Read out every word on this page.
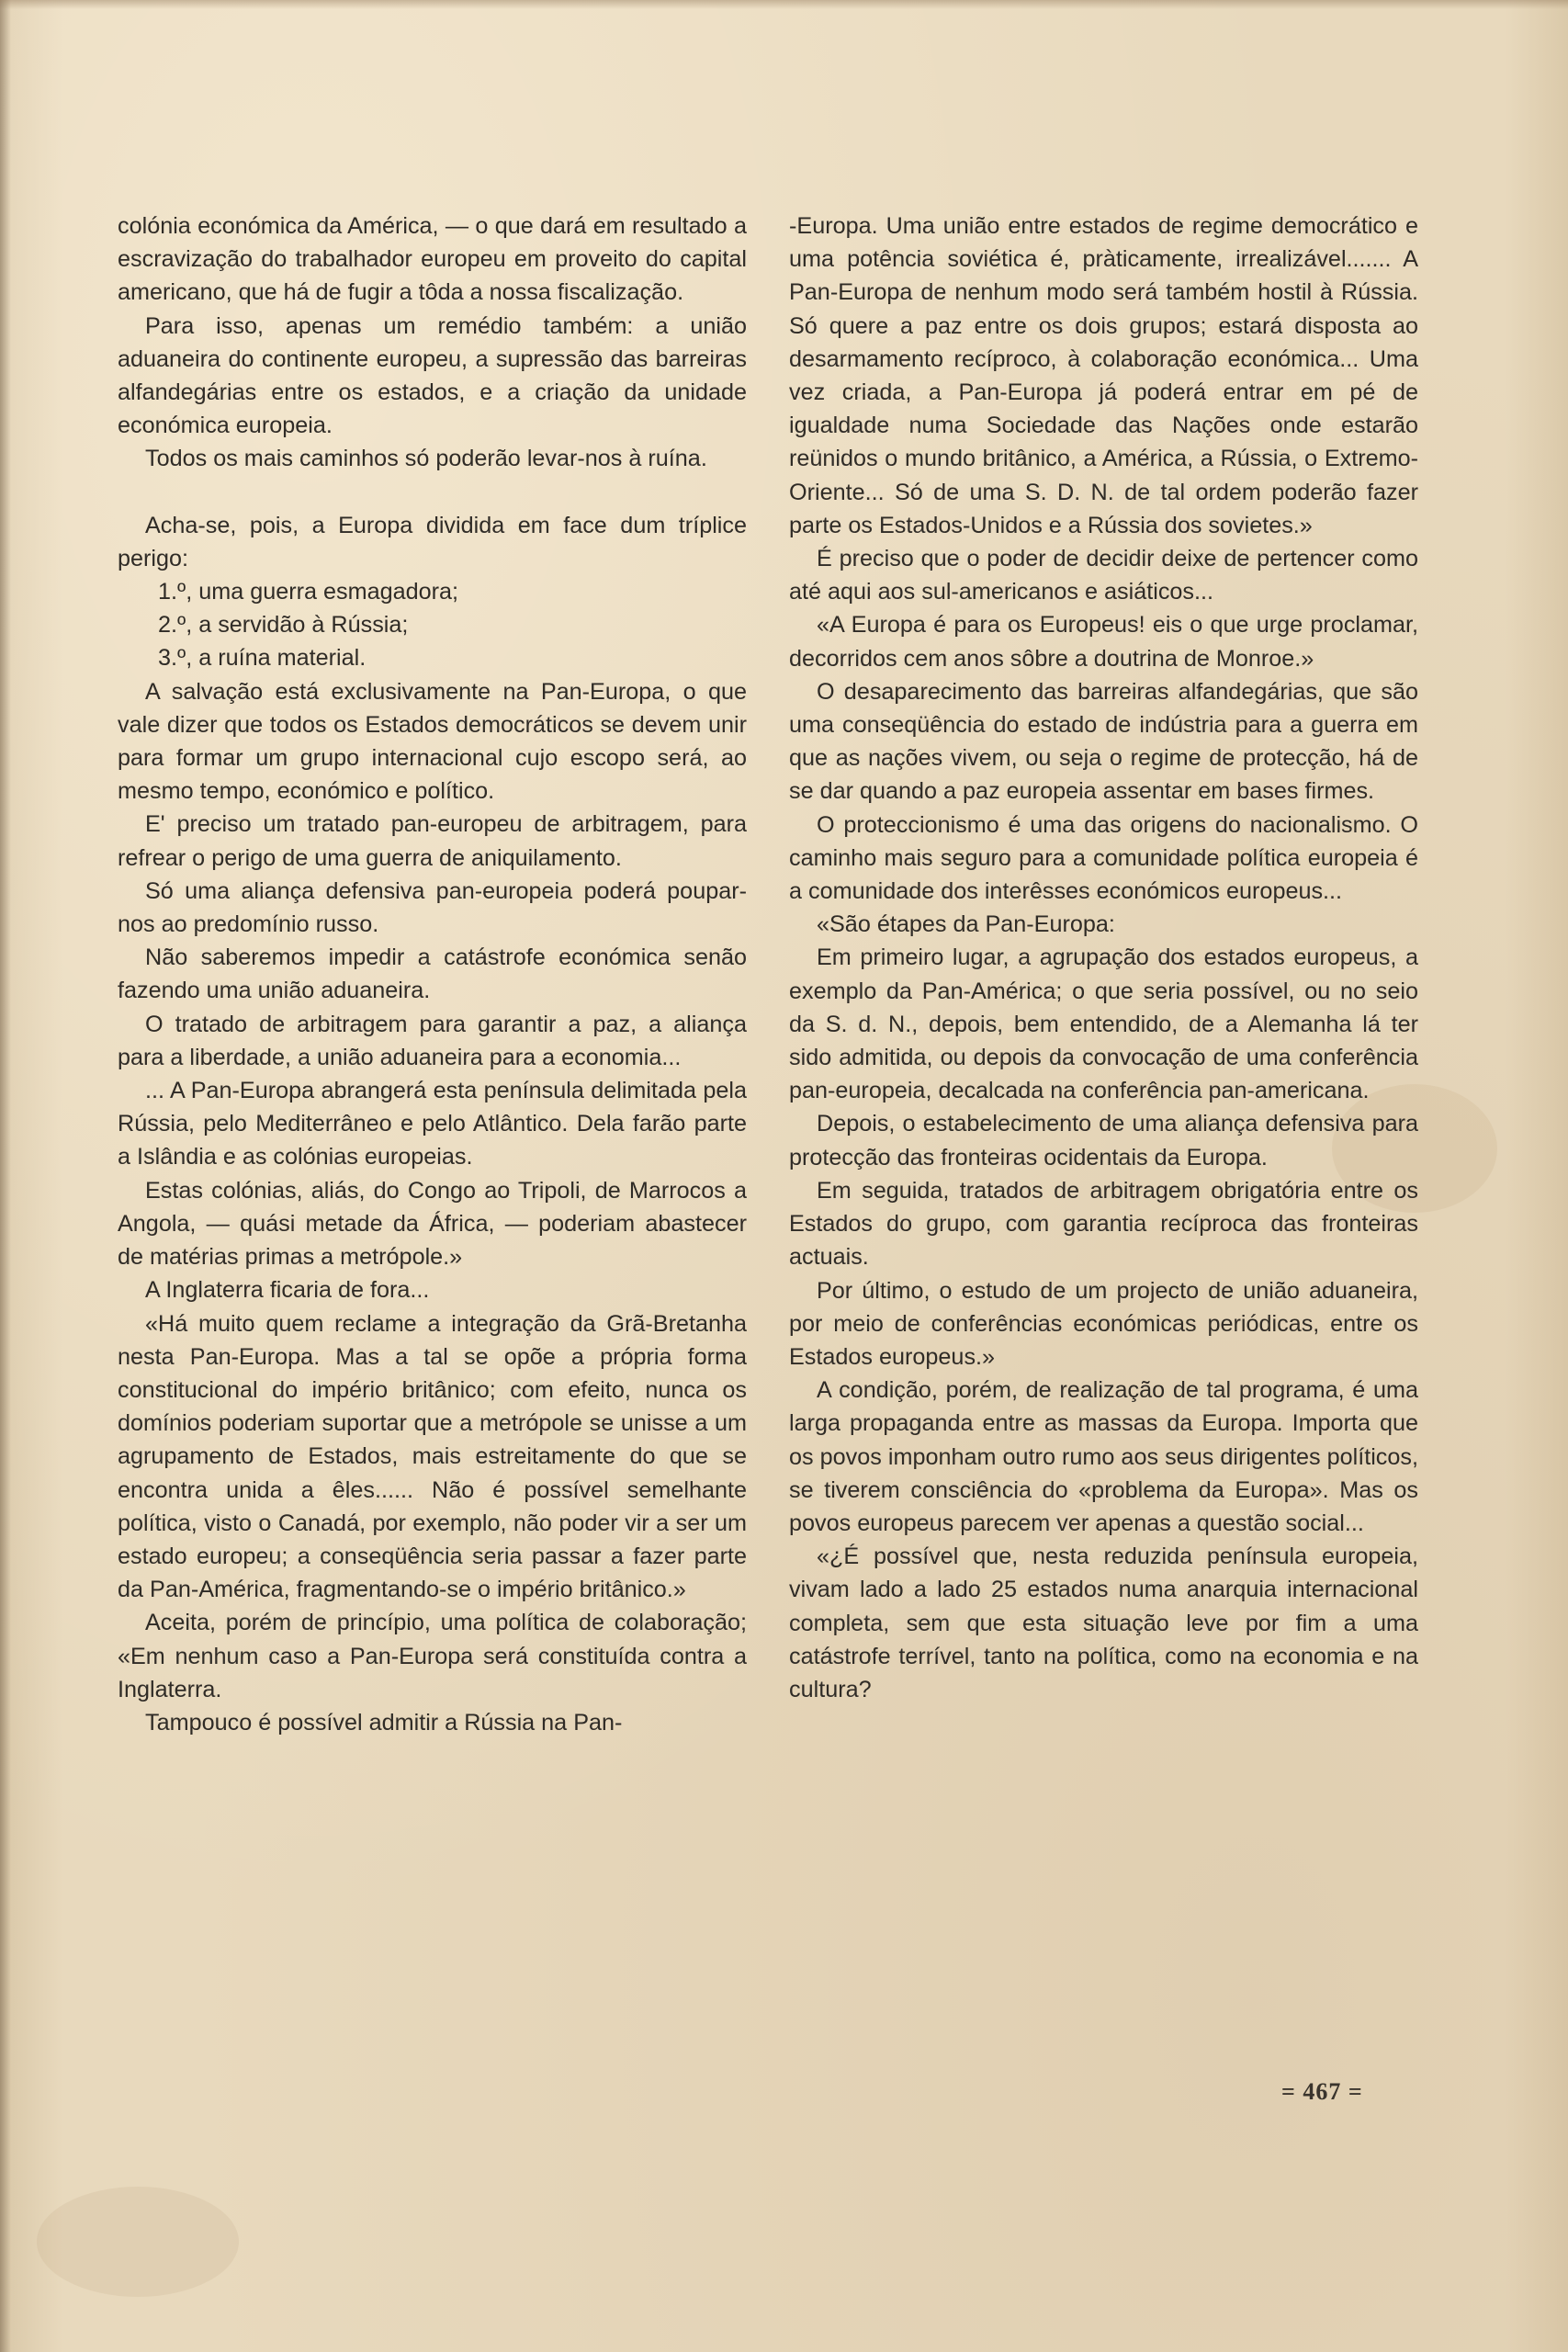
colónia económica da América, — o que dará em resultado a escravização do trabalhador europeu em proveito do capital americano, que há de fugir a tôda a nossa fiscalização.

Para isso, apenas um remédio também: a união aduaneira do continente europeu, a supressão das barreiras alfandegárias entre os estados, e a criação da unidade económica europeia.

Todos os mais caminhos só poderão levar-nos à ruína.

Acha-se, pois, a Europa dividida em face dum tríplice perigo:

1.º, uma guerra esmagadora;

2.º, a servidão à Rússia;

3.º, a ruína material.

A salvação está exclusivamente na Pan-Europa, o que vale dizer que todos os Estados democráticos se devem unir para formar um grupo internacional cujo escopo será, ao mesmo tempo, económico e político.

E' preciso um tratado pan-europeu de arbitragem, para refrear o perigo de uma guerra de aniquilamento.

Só uma aliança defensiva pan-europeia poderá poupar-nos ao predomínio russo.

Não saberemos impedir a catástrofe económica senão fazendo uma união aduaneira.

O tratado de arbitragem para garantir a paz, a aliança para a liberdade, a união aduaneira para a economia...

... A Pan-Europa abrangerá esta península delimitada pela Rússia, pelo Mediterrâneo e pelo Atlântico. Dela farão parte a Islândia e as colónias europeias.

Estas colónias, aliás, do Congo ao Tripoli, de Marrocos a Angola, — quási metade da África, — poderiam abastecer de matérias primas a metrópole.»

A Inglaterra ficaria de fora...

«Há muito quem reclame a integração da Grã-Bretanha nesta Pan-Europa. Mas a tal se opõe a própria forma constitucional do império britânico; com efeito, nunca os domínios poderiam suportar que a metrópole se unisse a um agrupamento de Estados, mais estreitamente do que se encontra unida a êles...... Não é possível semelhante política, visto o Canadá, por exemplo, não poder vir a ser um estado europeu; a conseqüência seria passar a fazer parte da Pan-América, fragmentando-se o império britânico.»

Aceita, porém de princípio, uma política de colaboração; «Em nenhum caso a Pan-Europa será constituída contra a Inglaterra.

Tampouco é possível admitir a Rússia na Pan-

-Europa. Uma união entre estados de regime democrático e uma potência soviética é, pràticamente, irrealizável....... A Pan-Europa de nenhum modo será também hostil à Rússia. Só quere a paz entre os dois grupos; estará disposta ao desarmamento recíproco, à colaboração económica... Uma vez criada, a Pan-Europa já poderá entrar em pé de igualdade numa Sociedade das Nações onde estarão reünidos o mundo britânico, a América, a Rússia, o Extremo-Oriente... Só de uma S. D. N. de tal ordem poderão fazer parte os Estados-Unidos e a Rússia dos sovietes.»

É preciso que o poder de decidir deixe de pertencer como até aqui aos sul-americanos e asiáticos...

«A Europa é para os Europeus! eis o que urge proclamar, decorridos cem anos sôbre a doutrina de Monroe.»

O desaparecimento das barreiras alfandegárias, que são uma conseqüência do estado de indústria para a guerra em que as nações vivem, ou seja o regime de protecção, há de se dar quando a paz europeia assentar em bases firmes.

O proteccionismo é uma das origens do nacionalismo. O caminho mais seguro para a comunidade política europeia é a comunidade dos interêsses económicos europeus...

«São étapes da Pan-Europa:

Em primeiro lugar, a agrupação dos estados europeus, a exemplo da Pan-América; o que seria possível, ou no seio da S. d. N., depois, bem entendido, de a Alemanha lá ter sido admitida, ou depois da convocação de uma conferência pan-europeia, decalcada na conferência pan-americana.

Depois, o estabelecimento de uma aliança defensiva para protecção das fronteiras ocidentais da Europa.

Em seguida, tratados de arbitragem obrigatória entre os Estados do grupo, com garantia recíproca das fronteiras actuais.

Por último, o estudo de um projecto de união aduaneira, por meio de conferências económicas periódicas, entre os Estados europeus.»

A condição, porém, de realização de tal programa, é uma larga propaganda entre as massas da Europa. Importa que os povos imponham outro rumo aos seus dirigentes políticos, se tiverem consciência do «problema da Europa». Mas os povos europeus parecem ver apenas a questão social...

«¿É possível que, nesta reduzida península europeia, vivam lado a lado 25 estados numa anarquia internacional completa, sem que esta situação leve por fim a uma catástrofe terrível, tanto na política, como na economia e na cultura?

= 467 =
